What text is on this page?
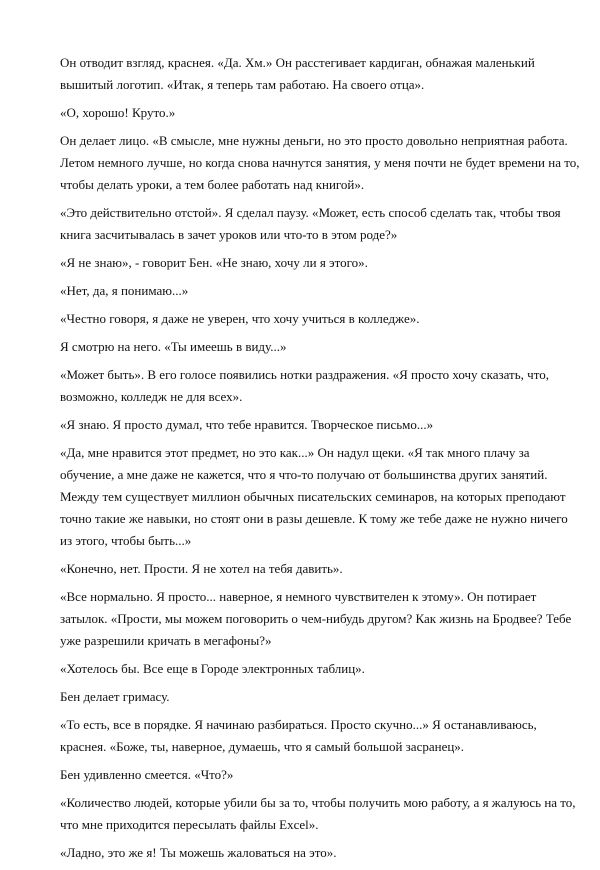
Он отводит взгляд, краснея. «Да. Хм.» Он расстегивает кардиган, обнажая маленький
вышитый логотип. «Итак, я теперь там работаю. На своего отца».

«О, хорошо! Круто.»

Он делает лицо. «В смысле, мне нужны деньги, но это просто довольно неприятная работа.
Летом немного лучше, но когда снова начнутся занятия, у меня почти не будет времени на то,
чтобы делать уроки, а тем более работать над книгой».

«Это действительно отстой». Я сделал паузу. «Может, есть способ сделать так, чтобы твоя
книга засчитывалась в зачет уроков или что-то в этом роде?»

«Я не знаю», - говорит Бен. «Не знаю, хочу ли я этого».

«Нет, да, я понимаю...»

«Честно говоря, я даже не уверен, что хочу учиться в колледже».

Я смотрю на него. «Ты имеешь в виду...»

«Может быть». В его голосе появились нотки раздражения. «Я просто хочу сказать, что,
возможно, колледж не для всех».

«Я знаю. Я просто думал, что тебе нравится. Творческое письмо...»

«Да, мне нравится этот предмет, но это как...» Он надул щеки. «Я так много плачу за
обучение, а мне даже не кажется, что я что-то получаю от большинства других занятий.
Между тем существует миллион обычных писательских семинаров, на которых преподают
точно такие же навыки, но стоят они в разы дешевле. К тому же тебе даже не нужно ничего
из этого, чтобы быть...»

«Конечно, нет. Прости. Я не хотел на тебя давить».

«Все нормально. Я просто... наверное, я немного чувствителен к этому». Он потирает
затылок. «Прости, мы можем поговорить о чем-нибудь другом? Как жизнь на Бродвее? Тебе
уже разрешили кричать в мегафоны?»

«Хотелось бы. Все еще в Городе электронных таблиц».

Бен делает гримасу.

«То есть, все в порядке. Я начинаю разбираться. Просто скучно...» Я останавливаюсь,
краснея. «Боже, ты, наверное, думаешь, что я самый большой засранец».

Бен удивленно смеется. «Что?»

«Количество людей, которые убили бы за то, чтобы получить мою работу, а я жалуюсь на то,
что мне приходится пересылать файлы Excel».

«Ладно, это же я! Ты можешь жаловаться на это».
